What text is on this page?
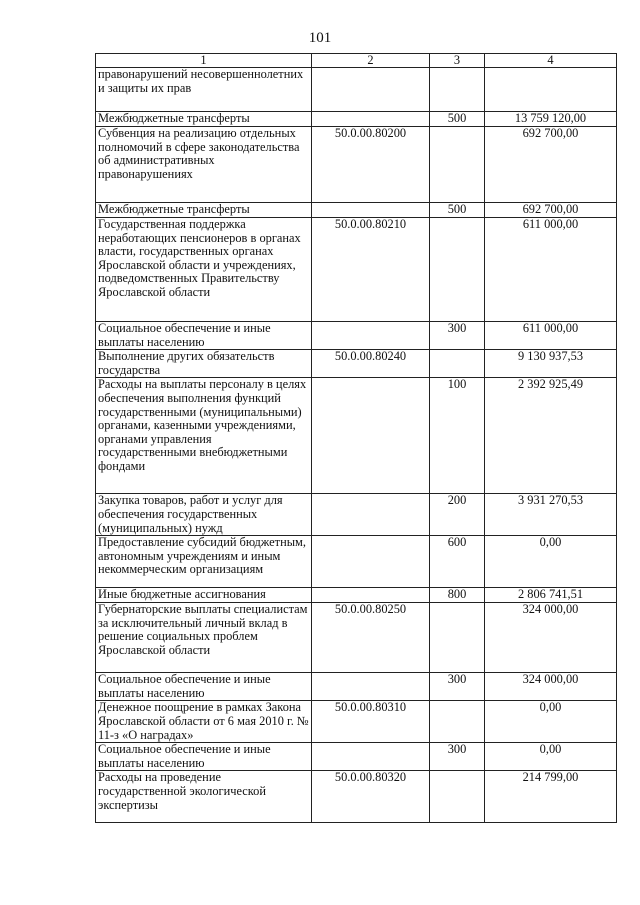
101
1	2	3	4
правонарушений несовершеннолетних и защиты их прав			
Межбюджетные трансферты		500	13 759 120,00
Субвенция на реализацию отдельных полномочий в сфере законодательства об административных правонарушениях	50.0.00.80200		692 700,00
Межбюджетные трансферты		500	692 700,00
Государственная поддержка неработающих пенсионеров в органах власти, государственных органах Ярославской области и учреждениях, подведомственных Правительству Ярославской области	50.0.00.80210		611 000,00
Социальное обеспечение и иные выплаты населению		300	611 000,00
Выполнение других обязательств государства	50.0.00.80240		9 130 937,53
Расходы на выплаты персоналу в целях обеспечения выполнения функций государственными (муниципальными) органами, казенными учреждениями, органами управления государственными внебюджетными фондами		100	2 392 925,49
Закупка товаров, работ и услуг для обеспечения государственных (муниципальных) нужд		200	3 931 270,53
Предоставление субсидий бюджетным, автономным учреждениям и иным некоммерческим организациям		600	0,00
Иные бюджетные ассигнования		800	2 806 741,51
Губернаторские выплаты специалистам за исключительный личный вклад в решение социальных проблем Ярославской области	50.0.00.80250		324 000,00
Социальное обеспечение и иные выплаты населению		300	324 000,00
Денежное поощрение в рамках Закона Ярославской области от 6 мая 2010 г. № 11-з «О наградах»	50.0.00.80310		0,00
Социальное обеспечение и иные выплаты населению		300	0,00
Расходы на проведение государственной экологической экспертизы	50.0.00.80320		214 799,00
